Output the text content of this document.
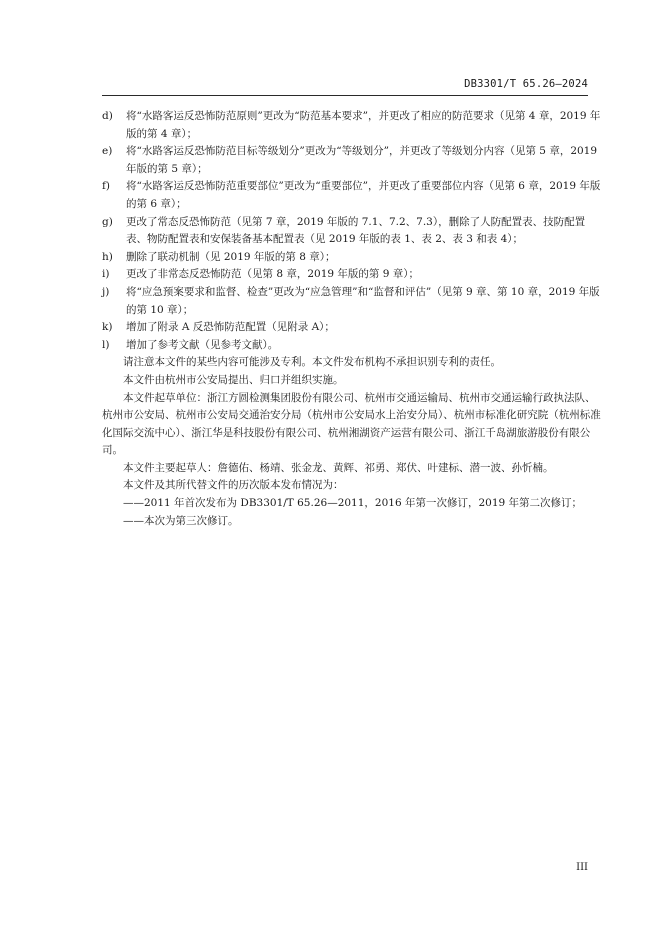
DB3301/T 65.26—2024
d)	将“水路客运反恐怖防范原则”更改为“防范基本要求”，并更改了相应的防范要求（见第 4 章，2019 年版的第 4 章）；
e)	将“水路客运反恐怖防范目标等级划分”更改为“等级划分”，并更改了等级划分内容（见第 5 章，2019 年版的第 5 章）；
f)	将“水路客运反恐怖防范重要部位”更改为“重要部位”，并更改了重要部位内容（见第 6 章，2019 年版的第 6 章）；
g)	更改了常态反恐怖防范（见第 7 章，2019 年版的 7.1、7.2、7.3），删除了人防配置表、技防配置表、物防配置表和安保装备基本配置表（见 2019 年版的表 1、表 2、表 3 和表 4）；
h)	删除了联动机制（见 2019 年版的第 8 章）；
i)	更改了非常态反恐怖防范（见第 8 章，2019 年版的第 9 章）；
j)	将“应急预案要求和监督、检查”更改为“应急管理”和“监督和评估”（见第 9 章、第 10 章，2019 年版的第 10 章）；
k)	增加了附录 A 反恐怖防范配置（见附录 A）；
l)	增加了参考文献（见参考文献）。
请注意本文件的某些内容可能涉及专利。本文件发布机构不承担识别专利的责任。
本文件由杭州市公安局提出、归口并组织实施。
本文件起草单位：浙江方圆检测集团股份有限公司、杭州市交通运输局、杭州市交通运输行政执法队、杭州市公安局、杭州市公安局交通治安分局（杭州市公安局水上治安分局）、杭州市标准化研究院（杭州标准化国际交流中心）、浙江华是科技股份有限公司、杭州湘湖资产运营有限公司、浙江千岛湖旅游股份有限公司。
本文件主要起草人：詹德佑、杨靖、张金龙、黄辉、祁勇、郑伏、叶建标、潜一波、孙忻楠。
本文件及其所代替文件的历次版本发布情况为：
——2011 年首次发布为 DB3301/T 65.26—2011，2016 年第一次修订，2019 年第二次修订；
——本次为第三次修订。
III
